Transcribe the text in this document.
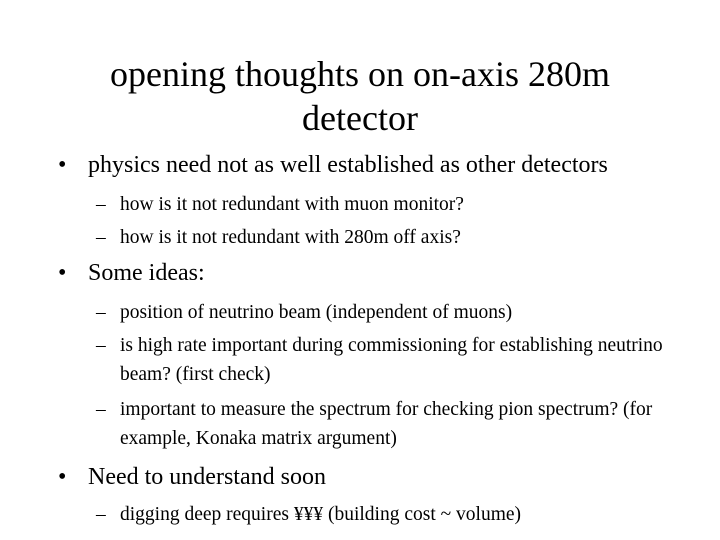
opening thoughts on on-axis 280m
detector
• physics need not as well established as other detectors
– how is it not redundant with muon monitor?
– how is it not redundant with 280m off axis?
• Some ideas:
– position of neutrino beam (independent of muons)
– is high rate important during commissioning for establishing neutrino beam? (first check)
– important to measure the spectrum for checking pion spectrum? (for example, Konaka matrix argument)
• Need to understand soon
– digging deep requires ¥¥¥ (building cost ~ volume)
